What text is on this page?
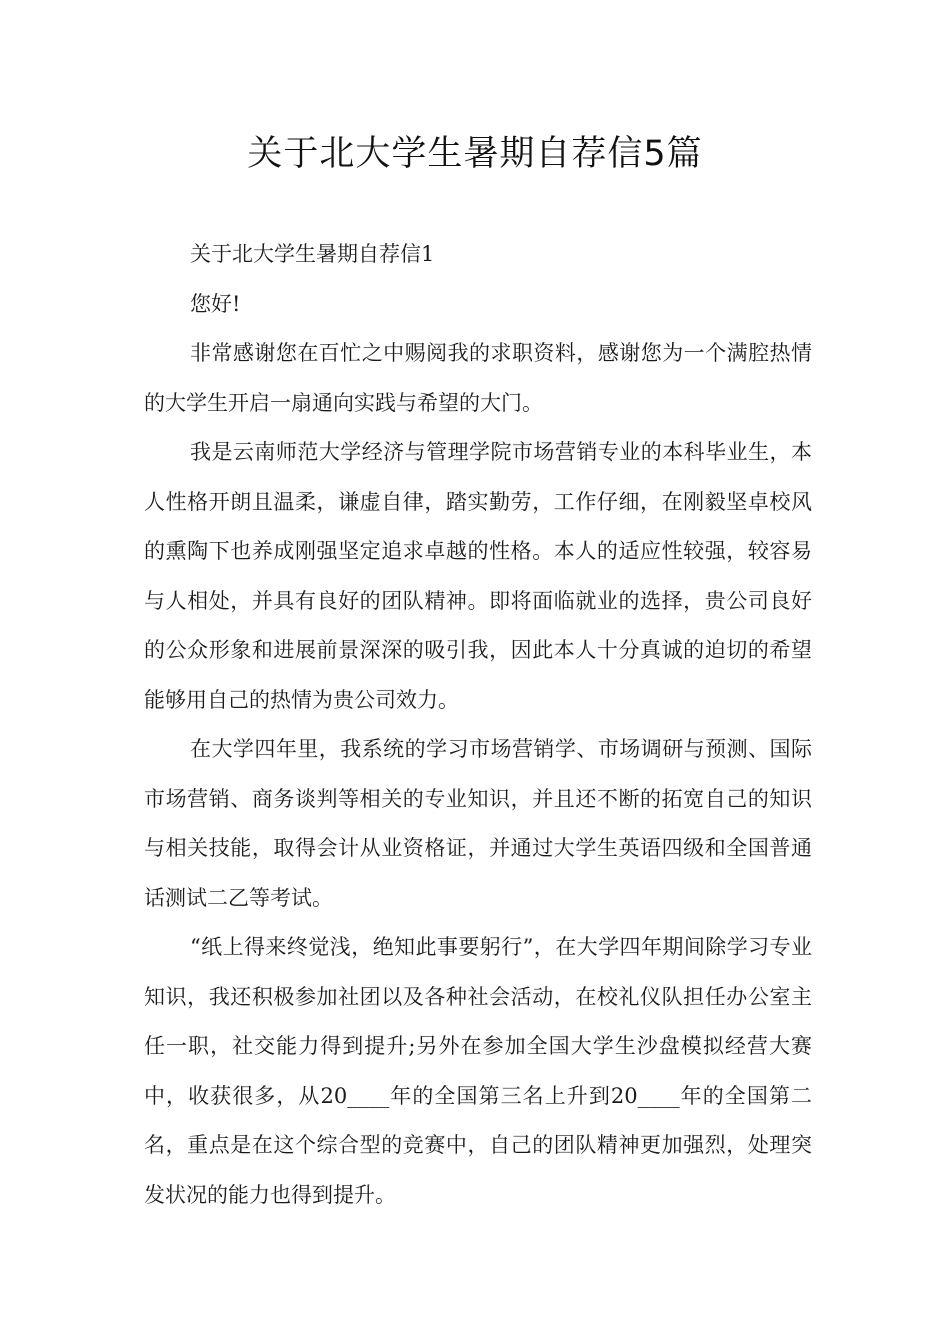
关于北大学生暑期自荐信5篇

关于北大学生暑期自荐信1

您好!

非常感谢您在百忙之中赐阅我的求职资料，感谢您为一个满腔热情的大学生开启一扇通向实践与希望的大门。

我是云南师范大学经济与管理学院市场营销专业的本科毕业生，本人性格开朗且温柔，谦虚自律，踏实勤劳，工作仔细，在刚毅坚卓校风的熏陶下也养成刚强坚定追求卓越的性格。本人的适应性较强，较容易与人相处，并具有良好的团队精神。即将面临就业的选择，贵公司良好的公众形象和进展前景深深的吸引我，因此本人十分真诚的迫切的希望能够用自己的热情为贵公司效力。

在大学四年里，我系统的学习市场营销学、市场调研与预测、国际市场营销、商务谈判等相关的专业知识，并且还不断的拓宽自己的知识与相关技能，取得会计从业资格证，并通过大学生英语四级和全国普通话测试二乙等考试。

“纸上得来终觉浅，绝知此事要躬行”，在大学四年期间除学习专业知识，我还积极参加社团以及各种社会活动，在校礼仪队担任办公室主任一职，社交能力得到提升;另外在参加全国大学生沙盘模拟经营大赛中，收获很多，从20____年的全国第三名上升到20____年的全国第二名，重点是在这个综合型的竞赛中，自己的团队精神更加强烈，处理突发状况的能力也得到提升。
